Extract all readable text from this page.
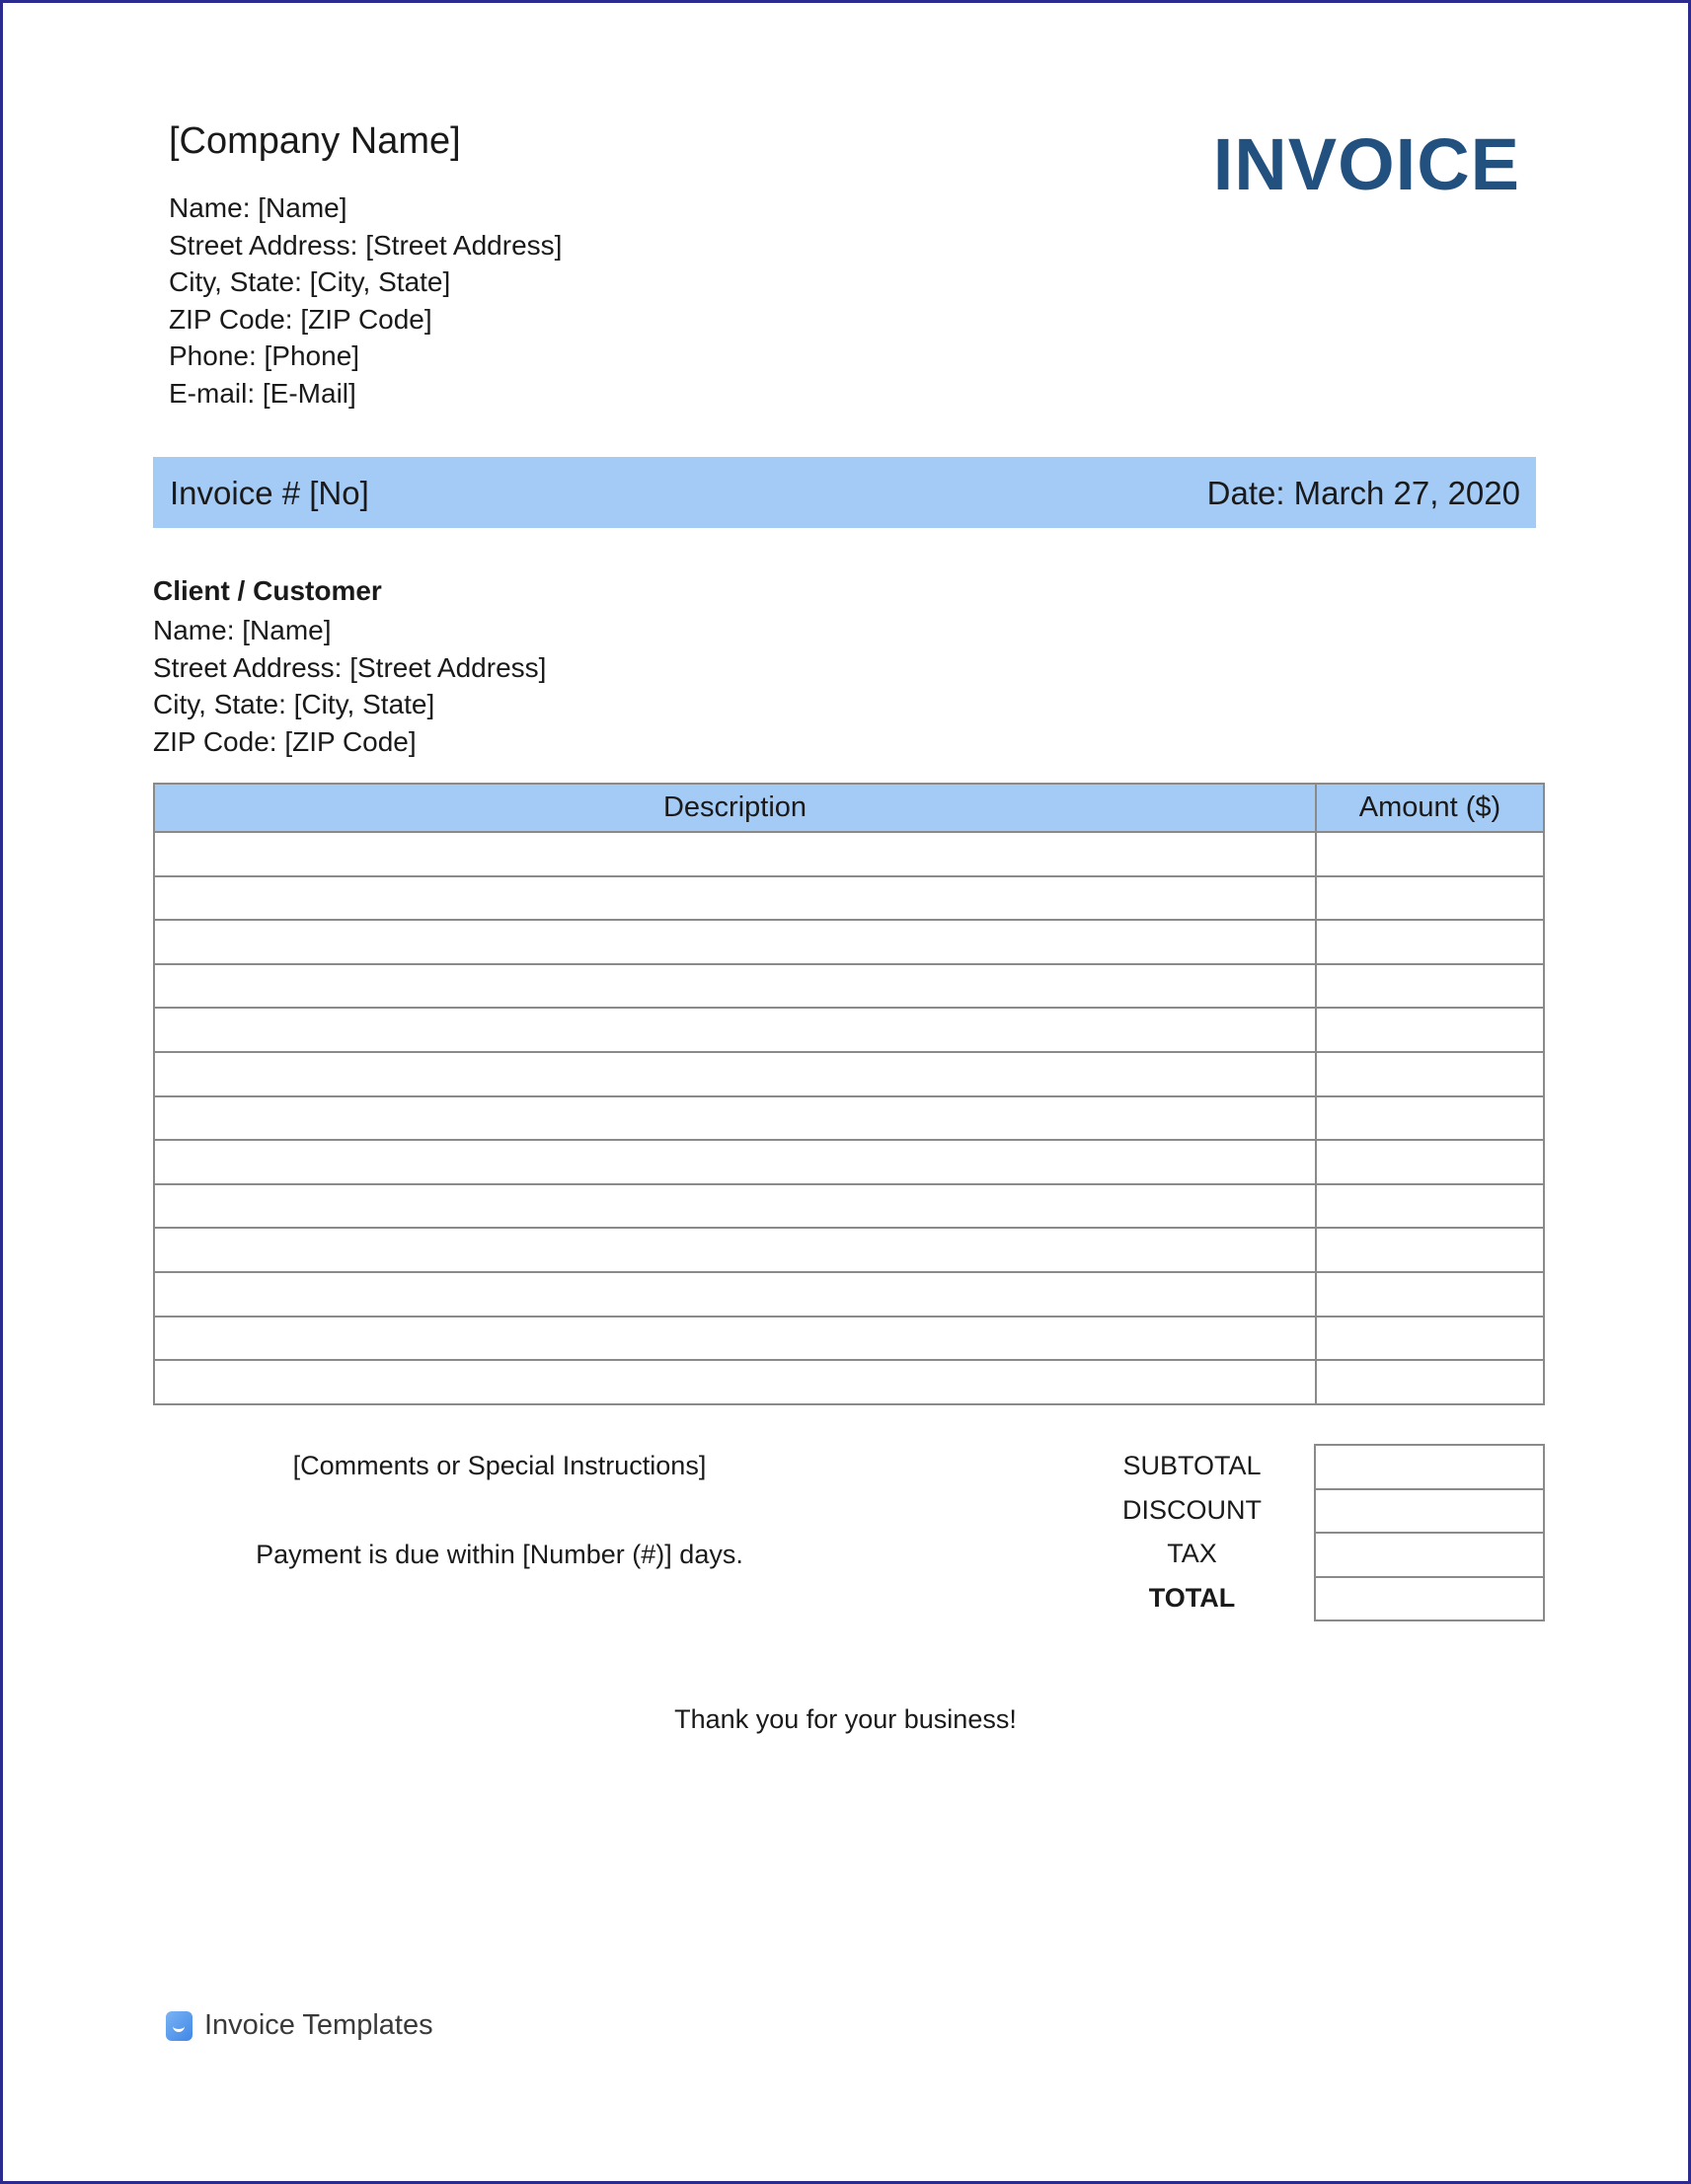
[Company Name]	INVOICE
Name: [Name]
Street Address: [Street Address]
City, State: [City, State]
ZIP Code: [ZIP Code]
Phone: [Phone]
E-mail: [E-Mail]
Invoice # [No]	Date: March 27, 2020
Client / Customer
Name: [Name]
Street Address: [Street Address]
City, State: [City, State]
ZIP Code: [ZIP Code]
Description	Amount ($)

[Comments or Special Instructions]
Payment is due within [Number (#)] days.
SUBTOTAL
DISCOUNT
TAX
TOTAL

Thank you for your business!
Invoice Templates
